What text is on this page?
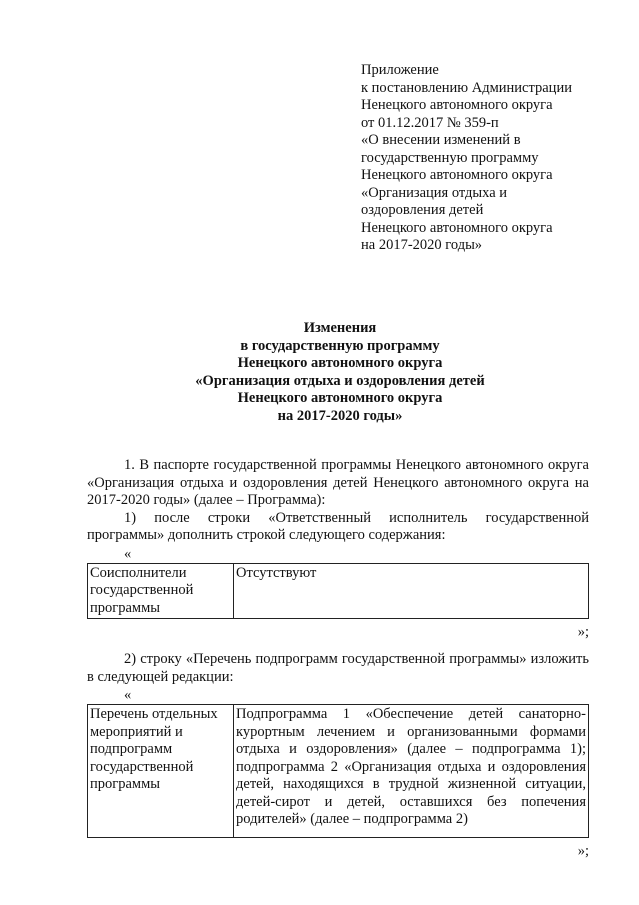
Приложение
к постановлению Администрации
Ненецкого автономного округа
от 01.12.2017 № 359-п
«О внесении изменений в
государственную программу
Ненецкого автономного округа
«Организация отдыха и
оздоровления детей
Ненецкого автономного округа
на 2017-2020 годы»
Изменения
в государственную программу
Ненецкого автономного округа
«Организация отдыха и оздоровления детей
Ненецкого автономного округа
на 2017-2020 годы»

1. В паспорте государственной программы Ненецкого автономного округа «Организация отдыха и оздоровления детей Ненецкого автономного округа на 2017-2020 годы» (далее – Программа):

1) после строки «Ответственный исполнитель государственной программы» дополнить строкой следующего содержания:

«
Соисполнители государственной программы	Отсутствуют
»;

2) строку «Перечень подпрограмм государственной программы» изложить в следующей редакции:

«
Перечень отдельных мероприятий и подпрограмм государственной программы	Подпрограмма 1 «Обеспечение детей санаторно-курортным лечением и организованными формами отдыха и оздоровления» (далее – подпрограмма 1); подпрограмма 2 «Организация отдыха и оздоровления детей, находящихся в трудной жизненной ситуации, детей-сирот и детей, оставшихся без попечения родителей» (далее – подпрограмма 2)
»;
